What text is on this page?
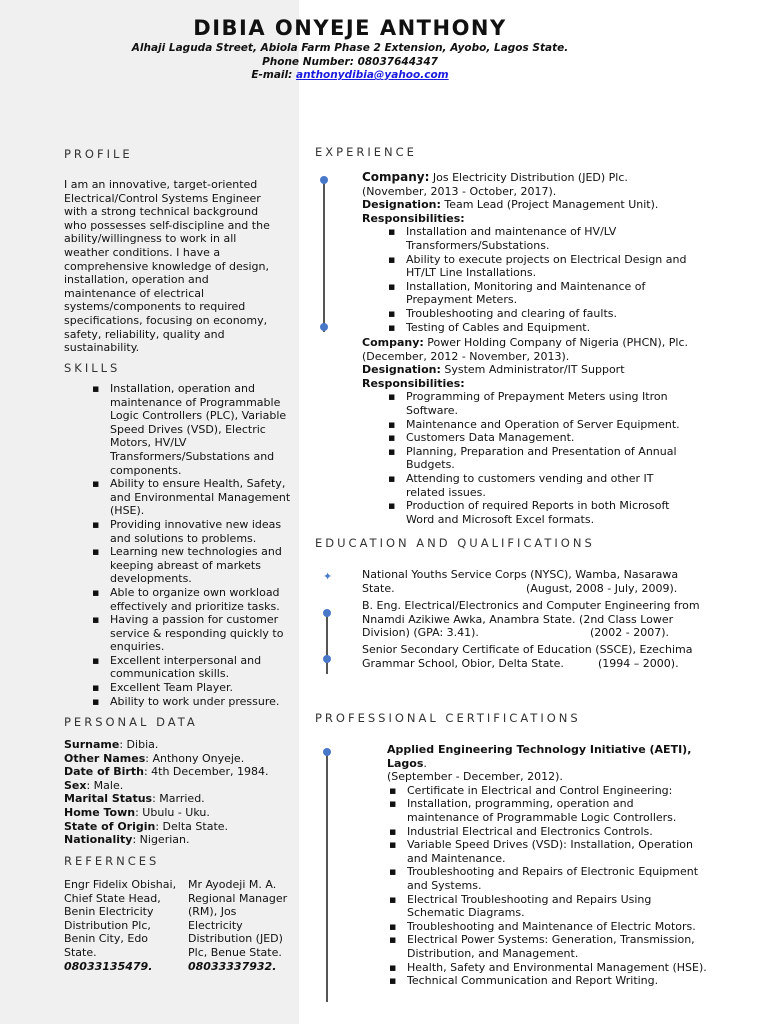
DIBIA ONYEJE ANTHONY
Alhaji Laguda Street, Abiola Farm Phase 2 Extension, Ayobo, Lagos State.
Phone Number: 08037644347
E-mail: anthonydibia@yahoo.com
PROFILE
I am an innovative, target-oriented Electrical/Control Systems Engineer with a strong technical background who possesses self-discipline and the ability/willingness to work in all weather conditions. I have a comprehensive knowledge of design, installation, operation and maintenance of electrical systems/components to required specifications, focusing on economy, safety, reliability, quality and sustainability.
SKILLS
▪ Installation, operation and maintenance of Programmable Logic Controllers (PLC), Variable Speed Drives (VSD), Electric Motors, HV/LV Transformers/Substations and components.
▪ Ability to ensure Health, Safety, and Environmental Management (HSE).
▪ Providing innovative new ideas and solutions to problems.
▪ Learning new technologies and keeping abreast of markets developments.
▪ Able to organize own workload effectively and prioritize tasks.
▪ Having a passion for customer service & responding quickly to enquiries.
▪ Excellent interpersonal and communication skills.
▪ Excellent Team Player.
▪ Ability to work under pressure.
PERSONAL DATA
Surname: Dibia.
Other Names: Anthony Onyeje.
Date of Birth: 4th December, 1984.
Sex: Male.
Marital Status: Married.
Home Town: Ubulu - Uku.
State of Origin: Delta State.
Nationality: Nigerian.
REFERNCES
Engr Fidelix Obishai, Chief State Head, Benin Electricity Distribution Plc, Benin City, Edo State.
08033135479.
Mr Ayodeji M. A. Regional Manager (RM), Jos Electricity Distribution (JED) Plc, Benue State.
08033337932.
EXPERIENCE
Company: Jos Electricity Distribution (JED) Plc.
(November, 2013 - October, 2017).
Designation: Team Lead (Project Management Unit).
Responsibilities:
▪ Installation and maintenance of HV/LV Transformers/Substations.
▪ Ability to execute projects on Electrical Design and HT/LT Line Installations.
▪ Installation, Monitoring and Maintenance of Prepayment Meters.
▪ Troubleshooting and clearing of faults.
▪ Testing of Cables and Equipment.
Company: Power Holding Company of Nigeria (PHCN), Plc.
(December, 2012 - November, 2013).
Designation: System Administrator/IT Support
Responsibilities:
▪ Programming of Prepayment Meters using Itron Software.
▪ Maintenance and Operation of Server Equipment.
▪ Customers Data Management.
▪ Planning, Preparation and Presentation of Annual Budgets.
▪ Attending to customers vending and other IT related issues.
▪ Production of required Reports in both Microsoft Word and Microsoft Excel formats.
EDUCATION AND QUALIFICATIONS
✦	National Youths Service Corps (NYSC), Wamba, Nasarawa
State.	(August, 2008 - July, 2009).
B. Eng. Electrical/Electronics and Computer Engineering from
Nnamdi Azikiwe Awka, Anambra State. (2nd Class Lower
Division) (GPA: 3.41).	(2002 - 2007).
Senior Secondary Certificate of Education (SSCE), Ezechima
Grammar School, Obior, Delta State.	(1994 – 2000).
PROFESSIONAL CERTIFICATIONS
Applied Engineering Technology Initiative (AETI), Lagos.
(September - December, 2012).
▪ Certificate in Electrical and Control Engineering:
▪ Installation, programming, operation and maintenance of Programmable Logic Controllers.
▪ Industrial Electrical and Electronics Controls.
▪ Variable Speed Drives (VSD): Installation, Operation and Maintenance.
▪ Troubleshooting and Repairs of Electronic Equipment and Systems.
▪ Electrical Troubleshooting and Repairs Using Schematic Diagrams.
▪ Troubleshooting and Maintenance of Electric Motors.
▪ Electrical Power Systems: Generation, Transmission, Distribution, and Management.
▪ Health, Safety and Environmental Management (HSE).
▪ Technical Communication and Report Writing.
